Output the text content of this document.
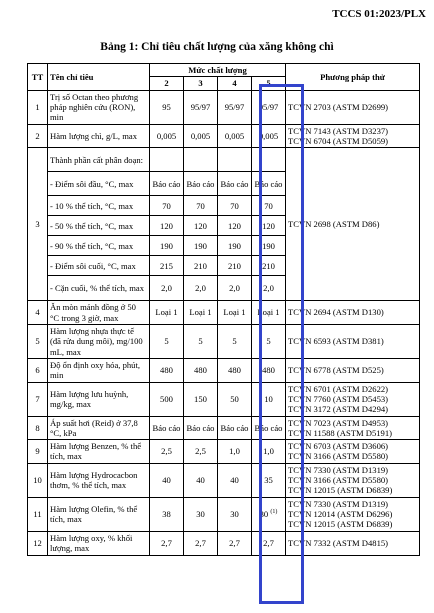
TCCS 01:2023/PLX
Bảng 1: Chỉ tiêu chất lượng của xăng không chì
TT	Tên chỉ tiêu	Mức chất lượng				Phương pháp thử
		2	3	4	5	
1	Trị số Octan theo phương pháp nghiên cứu (RON), min	95	95/97	95/97	95/97	TCVN 2703 (ASTM D2699)
2	Hàm lượng chì, g/L, max	0,005	0,005	0,005	0,005	TCVN 7143 (ASTM D3237)
TCVN 6704 (ASTM D5059)
3	Thành phần cất phân đoạn:					TCVN 2698 (ASTM D86)
	- Điểm sôi đầu, °C, max	Báo cáo	Báo cáo	Báo cáo	Báo cáo	
	- 10 % thể tích, °C, max	70	70	70	70	
	- 50 % thể tích, °C, max	120	120	120	120	
	- 90 % thể tích, °C, max	190	190	190	190	
	- Điểm sôi cuối, °C, max	215	210	210	210	
	- Cặn cuối, % thể tích, max	2,0	2,0	2,0	2,0	
4	Ăn mòn mảnh đồng ở 50 °C trong 3 giờ, max	Loại 1	Loại 1	Loại 1	Loại 1	TCVN 2694 (ASTM D130)
5	Hàm lượng nhựa thực tế (đã rửa dung môi), mg/100 mL, max	5	5	5	5	TCVN 6593 (ASTM D381)
6	Độ ổn định oxy hóa, phút, min	480	480	480	480	TCVN 6778 (ASTM D525)
7	Hàm lượng lưu huỳnh, mg/kg, max	500	150	50	10	TCVN 6701 (ASTM D2622)
TCVN 7760 (ASTM D5453)
TCVN 3172 (ASTM D4294)
8	Áp suất hơi (Reid) ở 37,8 °C, kPa	Báo cáo	Báo cáo	Báo cáo	Báo cáo	TCVN 7023 (ASTM D4953)
TCVN 11588 (ASTM D5191)
9	Hàm lượng Benzen, % thể tích, max	2,5	2,5	1,0	1,0	TCVN 6703 (ASTM D3606)
TCVN 3166 (ASTM D5580)
10	Hàm lượng Hydrocacbon thơm, % thể tích, max	40	40	40	35	TCVN 7330 (ASTM D1319)
TCVN 3166 (ASTM D5580)
TCVN 12015 (ASTM D6839)
11	Hàm lượng Olefin, % thể tích, max	38	30	30	30 $^{(1)}$	TCVN 7330 (ASTM D1319)
TCVN 12014 (ASTM D6296)
TCVN 12015 (ASTM D6839)
12	Hàm lượng oxy, % khối lượng, max	2,7	2,7	2,7	2,7	TCVN 7332 (ASTM D4815)
